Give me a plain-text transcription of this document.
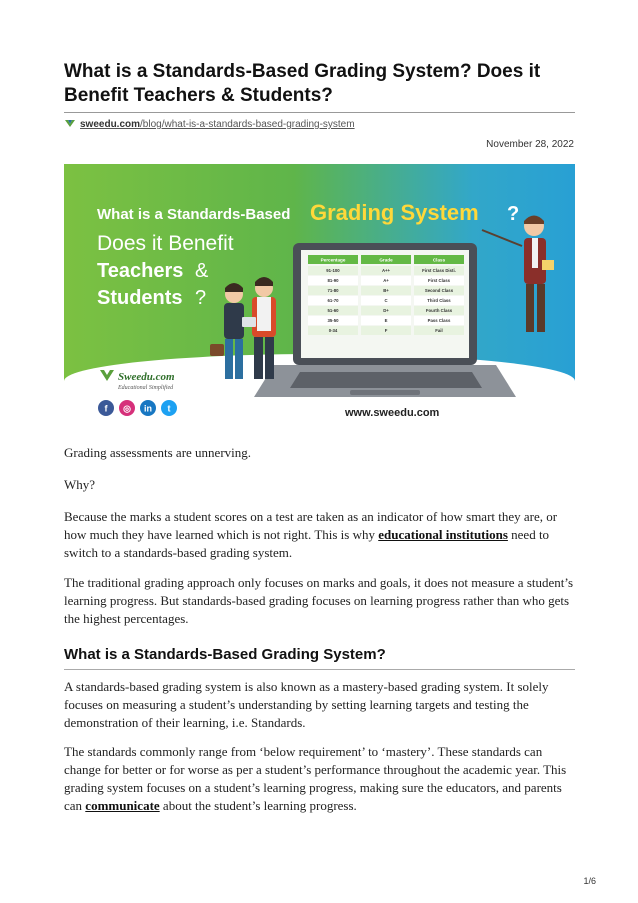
What is a Standards-Based Grading System? Does it Benefit Teachers & Students?
sweedu.com/blog/what-is-a-standards-based-grading-system
November 28, 2022
What is a Standards-Based Grading System ?
Does it Benefit
Teachers &
Students ?
Percentage	Grade	Class
91-100	A++	First Class Disti.
81-90	A+	First Class
71-80	B+	Second Class
61-70	C	Third Class
51-60	D+	Fourth Class
35-50	E	Pass Class
0-34	F	Fail
Sweedu.com
Educational Simplified
f ◎ in t	www.sweedu.com

Grading assessments are unnerving.

Why?

Because the marks a student scores on a test are taken as an indicator of how smart they are, or how much they have learned which is not right. This is why educational institutions need to switch to a standards-based grading system.

The traditional grading approach only focuses on marks and goals, it does not measure a student’s learning progress. But standards-based grading focuses on learning progress rather than who gets the highest percentages.

What is a Standards-Based Grading System?

A standards-based grading system is also known as a mastery-based grading system. It solely focuses on measuring a student’s understanding by setting learning targets and testing the demonstration of their learning, i.e. Standards.

The standards commonly range from ‘below requirement’ to ‘mastery’. These standards can change for better or for worse as per a student’s performance throughout the academic year. This grading system focuses on a student’s learning progress, making sure the educators, and parents can communicate about the student’s learning progress.

1/6
